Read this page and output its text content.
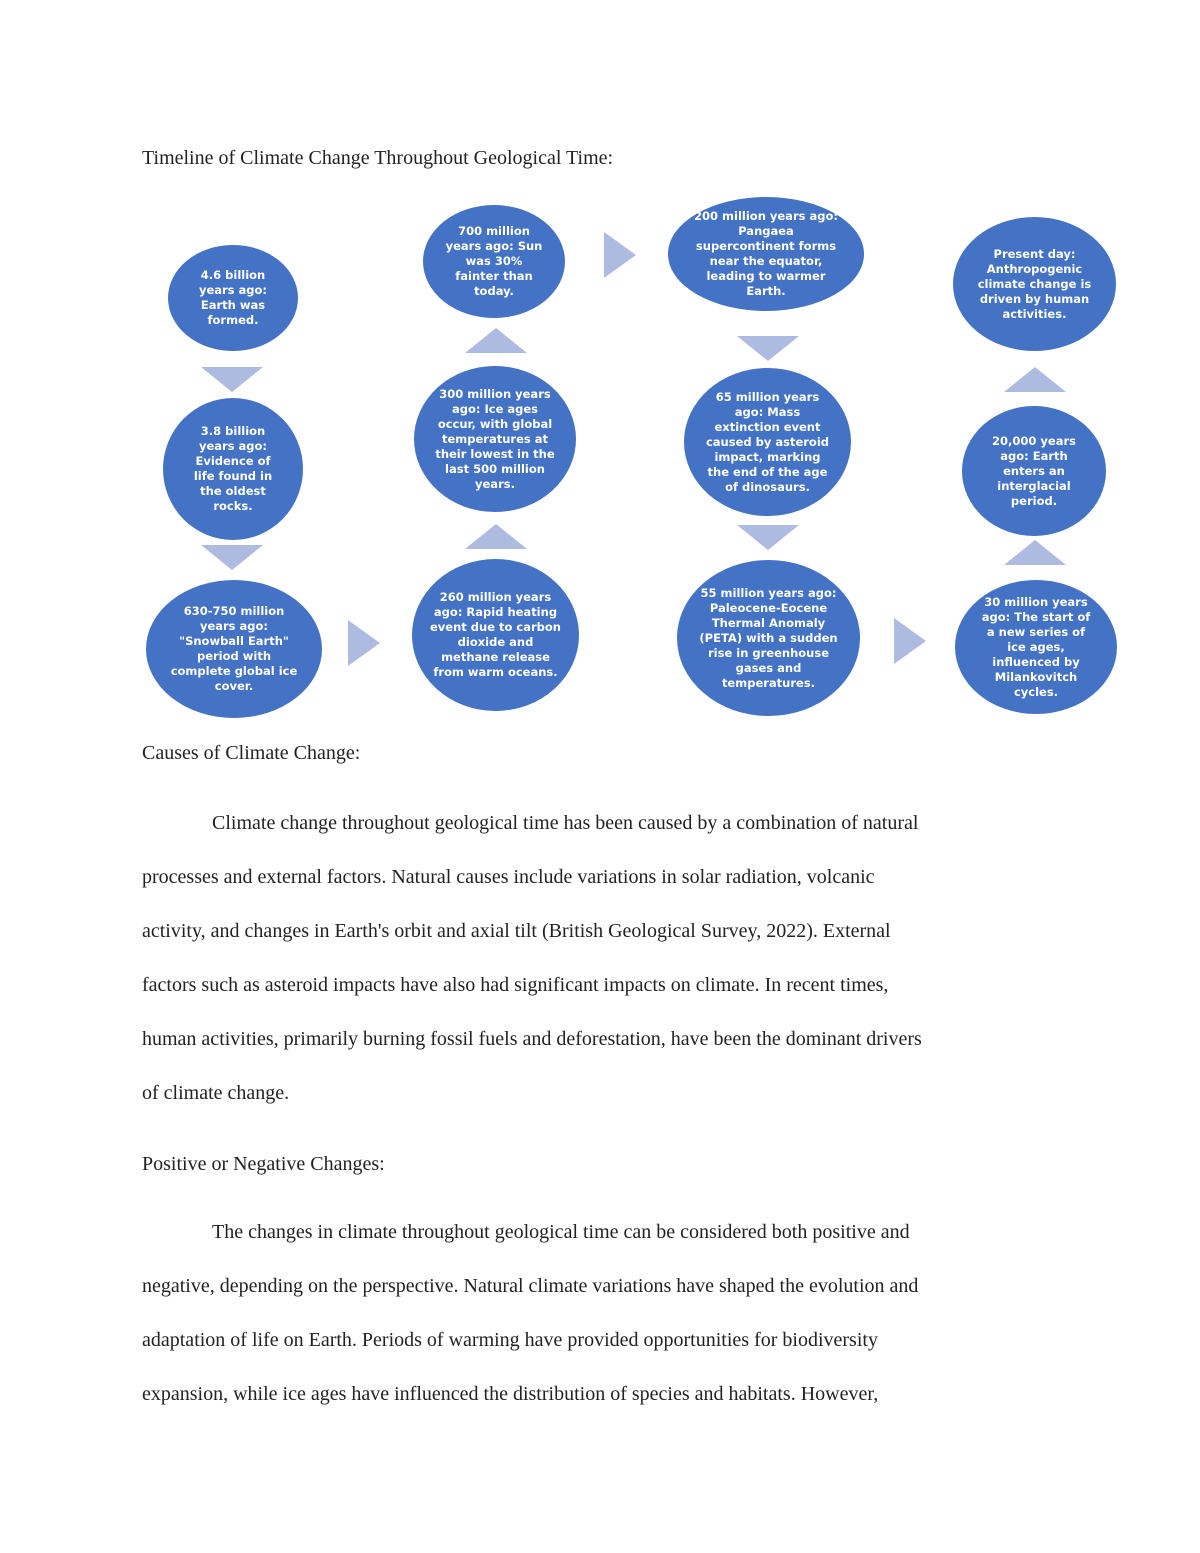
Timeline of Climate Change Throughout Geological Time:
4.6 billion years ago: Earth was formed.
3.8 billion years ago: Evidence of life found in the oldest rocks.
630-750 million years ago: "Snowball Earth" period with complete global ice cover.
260 million years ago: Rapid heating event due to carbon dioxide and methane release from warm oceans.
300 million years ago: Ice ages occur, with global temperatures at their lowest in the last 500 million years.
700 million years ago: Sun was 30% fainter than today.
200 million years ago: Pangaea supercontinent forms near the equator, leading to warmer Earth.
65 million years ago: Mass extinction event caused by asteroid impact, marking the end of the age of dinosaurs.
55 million years ago: Paleocene-Eocene Thermal Anomaly (PETA) with a sudden rise in greenhouse gases and temperatures.
30 million years ago: The start of a new series of ice ages, influenced by Milankovitch cycles.
20,000 years ago: Earth enters an interglacial period.
Present day: Anthropogenic climate change is driven by human activities.
Causes of Climate Change:
Climate change throughout geological time has been caused by a combination of natural
processes and external factors. Natural causes include variations in solar radiation, volcanic
activity, and changes in Earth's orbit and axial tilt (British Geological Survey, 2022). External
factors such as asteroid impacts have also had significant impacts on climate. In recent times,
human activities, primarily burning fossil fuels and deforestation, have been the dominant drivers
of climate change.
Positive or Negative Changes:
The changes in climate throughout geological time can be considered both positive and
negative, depending on the perspective. Natural climate variations have shaped the evolution and
adaptation of life on Earth. Periods of warming have provided opportunities for biodiversity
expansion, while ice ages have influenced the distribution of species and habitats. However,
